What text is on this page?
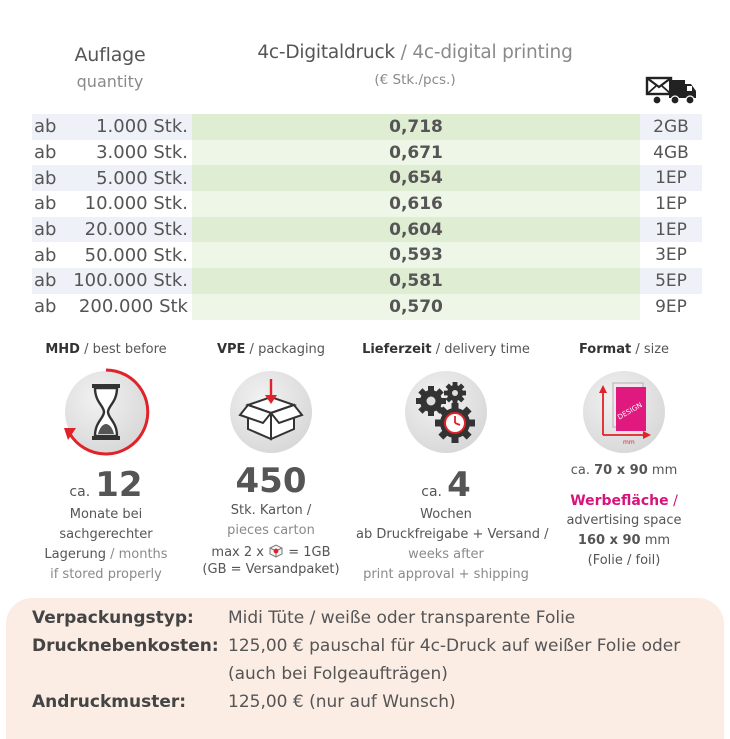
Auflage
quantity
4c-Digitaldruck / 4c-digital printing
(€ Stk./pcs.)
ab	1.000 Stk.	0,718	2GB
ab	3.000 Stk.	0,671	4GB
ab	5.000 Stk.	0,654	1EP
ab	10.000 Stk.	0,616	1EP
ab	20.000 Stk.	0,604	1EP
ab	50.000 Stk.	0,593	3EP
ab 100.000 Stk.	0,581	5EP
ab	200.000 Stk	0,570	9EP
MHD / best before
ca. 12
Monate bei
sachgerechter
Lagerung / months
if stored properly
VPE / packaging
450
Stk. Karton /
pieces carton
max 2 x = 1GB
(GB = Versandpaket)
Lieferzeit / delivery time
ca. 4
Wochen
ab Druckfreigabe + Versand /
weeks after
print approval + shipping
Format / size
DESIGN
mm
ca. 70 x 90 mm
Werbefläche /
advertising space
160 x 90 mm
(Folie / foil)
Verpackungstyp: Midi Tüte / weiße oder transparente Folie
Drucknebenkosten: 125,00 € pauschal für 4c-Druck auf weißer Folie oder
(auch bei Folgeaufträgen)
Andruckmuster: 125,00 € (nur auf Wunsch)
